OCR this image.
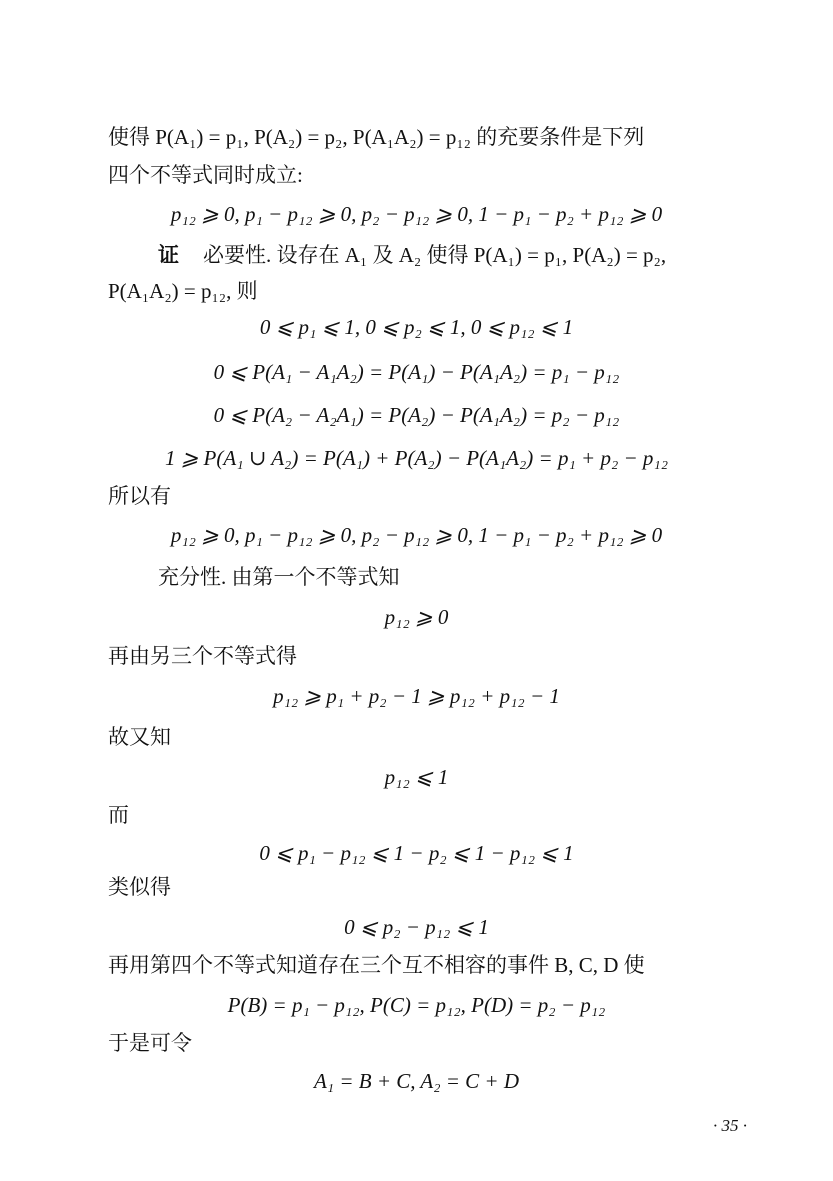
使得 P(A₁) = p₁, P(A₂) = p₂, P(A₁A₂) = p₁₂ 的充要条件是下列
四个不等式同时成立:
p₁₂ ⩾ 0, p₁ − p₁₂ ⩾ 0, p₂ − p₁₂ ⩾ 0, 1 − p₁ − p₂ + p₁₂ ⩾ 0
证 必要性. 设存在 A₁ 及 A₂ 使得 P(A₁) = p₁, P(A₂) = p₂,
P(A₁A₂) = p₁₂, 则
0 ⩽ p₁ ⩽ 1, 0 ⩽ p₂ ⩽ 1, 0 ⩽ p₁₂ ⩽ 1
0 ⩽ P(A₁ − A₁A₂) = P(A₁) − P(A₁A₂) = p₁ − p₁₂
0 ⩽ P(A₂ − A₂A₁) = P(A₂) − P(A₁A₂) = p₂ − p₁₂
1 ⩾ P(A₁ ∪ A₂) = P(A₁) + P(A₂) − P(A₁A₂) = p₁ + p₂ − p₁₂
所以有
p₁₂ ⩾ 0, p₁ − p₁₂ ⩾ 0, p₂ − p₁₂ ⩾ 0, 1 − p₁ − p₂ + p₁₂ ⩾ 0
充分性. 由第一个不等式知
p₁₂ ⩾ 0
再由另三个不等式得
p₁₂ ⩾ p₁ + p₂ − 1 ⩾ p₁₂ + p₁₂ − 1
故又知
p₁₂ ⩽ 1
而
0 ⩽ p₁ − p₁₂ ⩽ 1 − p₂ ⩽ 1 − p₁₂ ⩽ 1
类似得
0 ⩽ p₂ − p₁₂ ⩽ 1
再用第四个不等式知道存在三个互不相容的事件 B, C, D 使
P(B) = p₁ − p₁₂, P(C) = p₁₂, P(D) = p₂ − p₁₂
于是可令
A₁ = B + C, A₂ = C + D
· 35 ·
